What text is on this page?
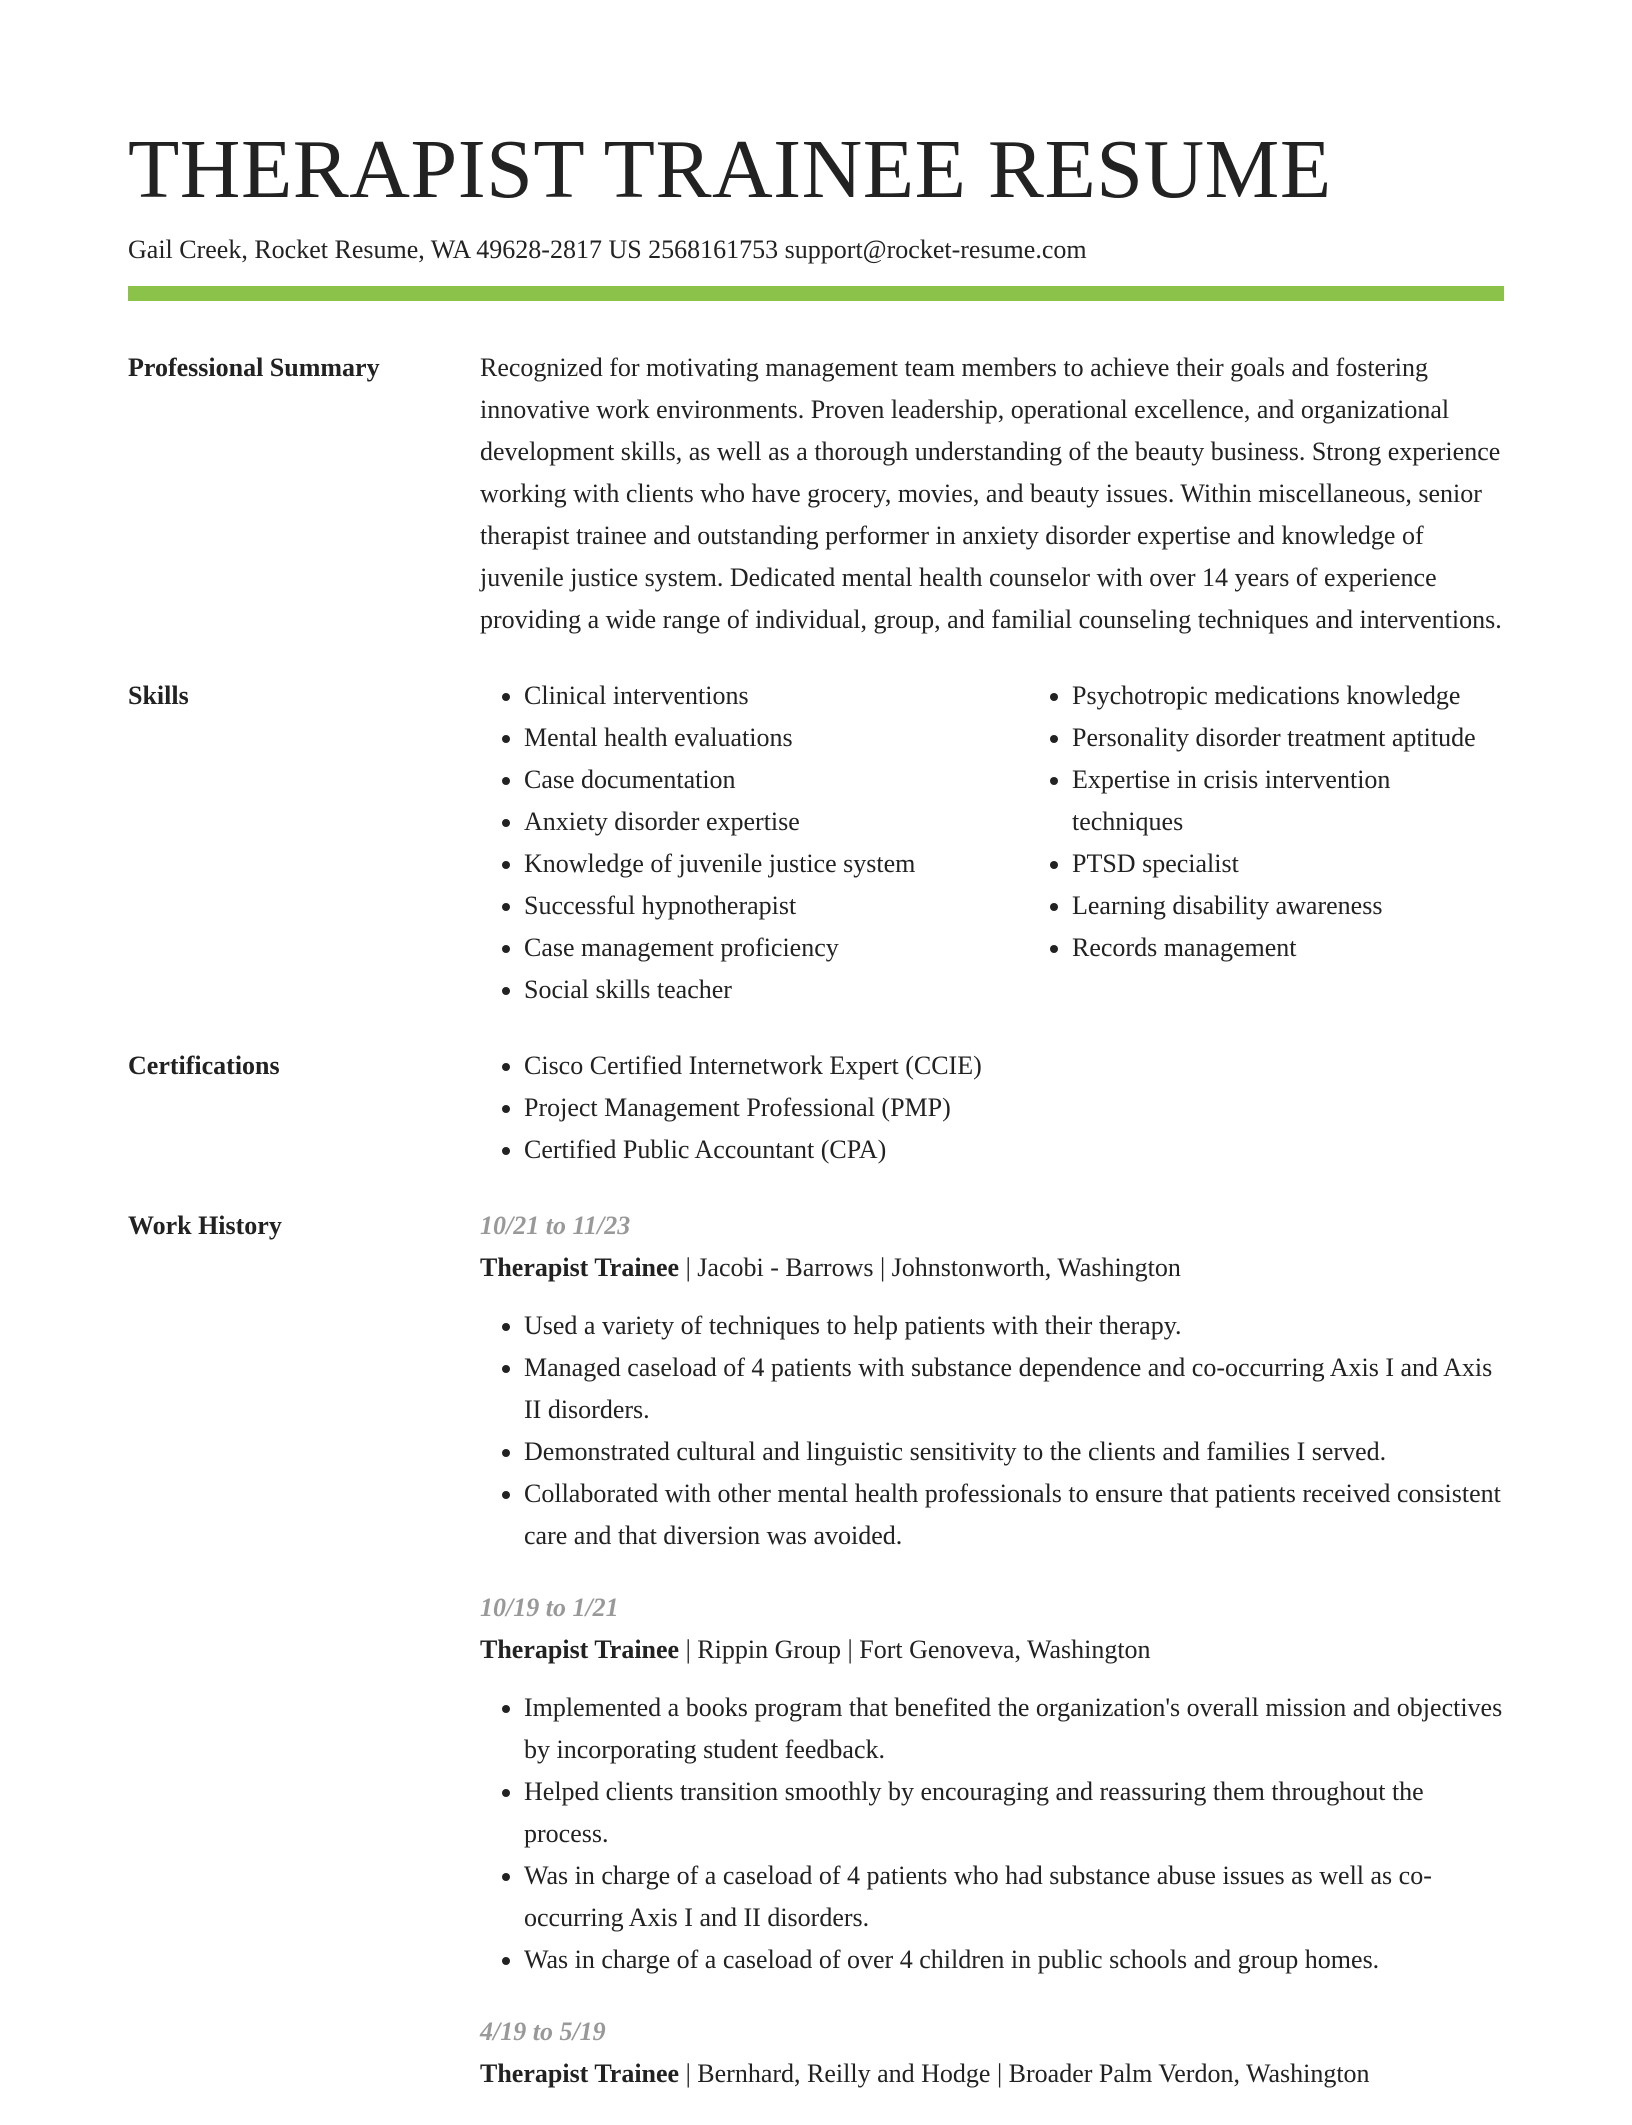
THERAPIST TRAINEE RESUME
Gail Creek, Rocket Resume, WA 49628-2817 US 2568161753 support@rocket-resume.com
Professional Summary	Recognized for motivating management team members to achieve their goals and fostering innovative work environments. Proven leadership, operational excellence, and organizational development skills, as well as a thorough understanding of the beauty business. Strong experience working with clients who have grocery, movies, and beauty issues. Within miscellaneous, senior therapist trainee and outstanding performer in anxiety disorder expertise and knowledge of juvenile justice system. Dedicated mental health counselor with over 14 years of experience providing a wide range of individual, group, and familial counseling techniques and interventions.

Skills	• Clinical interventions
• Mental health evaluations
• Case documentation
• Anxiety disorder expertise
• Knowledge of juvenile justice system
• Successful hypnotherapist
• Case management proficiency
• Social skills teacher
• Psychotropic medications knowledge
• Personality disorder treatment aptitude
• Expertise in crisis intervention techniques
• PTSD specialist
• Learning disability awareness
• Records management
Certifications	• Cisco Certified Internetwork Expert (CCIE)
• Project Management Professional (PMP)
• Certified Public Accountant (CPA)
Work History	10/21 to 11/23
Therapist Trainee | Jacobi - Barrows | Johnstonworth, Washington
• Used a variety of techniques to help patients with their therapy.
• Managed caseload of 4 patients with substance dependence and co-occurring Axis I and Axis II disorders.
• Demonstrated cultural and linguistic sensitivity to the clients and families I served.
• Collaborated with other mental health professionals to ensure that patients received consistent care and that diversion was avoided.
10/19 to 1/21
Therapist Trainee | Rippin Group | Fort Genoveva, Washington
• Implemented a books program that benefited the organization's overall mission and objectives by incorporating student feedback.
• Helped clients transition smoothly by encouraging and reassuring them throughout the process.
• Was in charge of a caseload of 4 patients who had substance abuse issues as well as co-occurring Axis I and II disorders.
• Was in charge of a caseload of over 4 children in public schools and group homes.
4/19 to 5/19
Therapist Trainee | Bernhard, Reilly and Hodge | Broader Palm Verdon, Washington
